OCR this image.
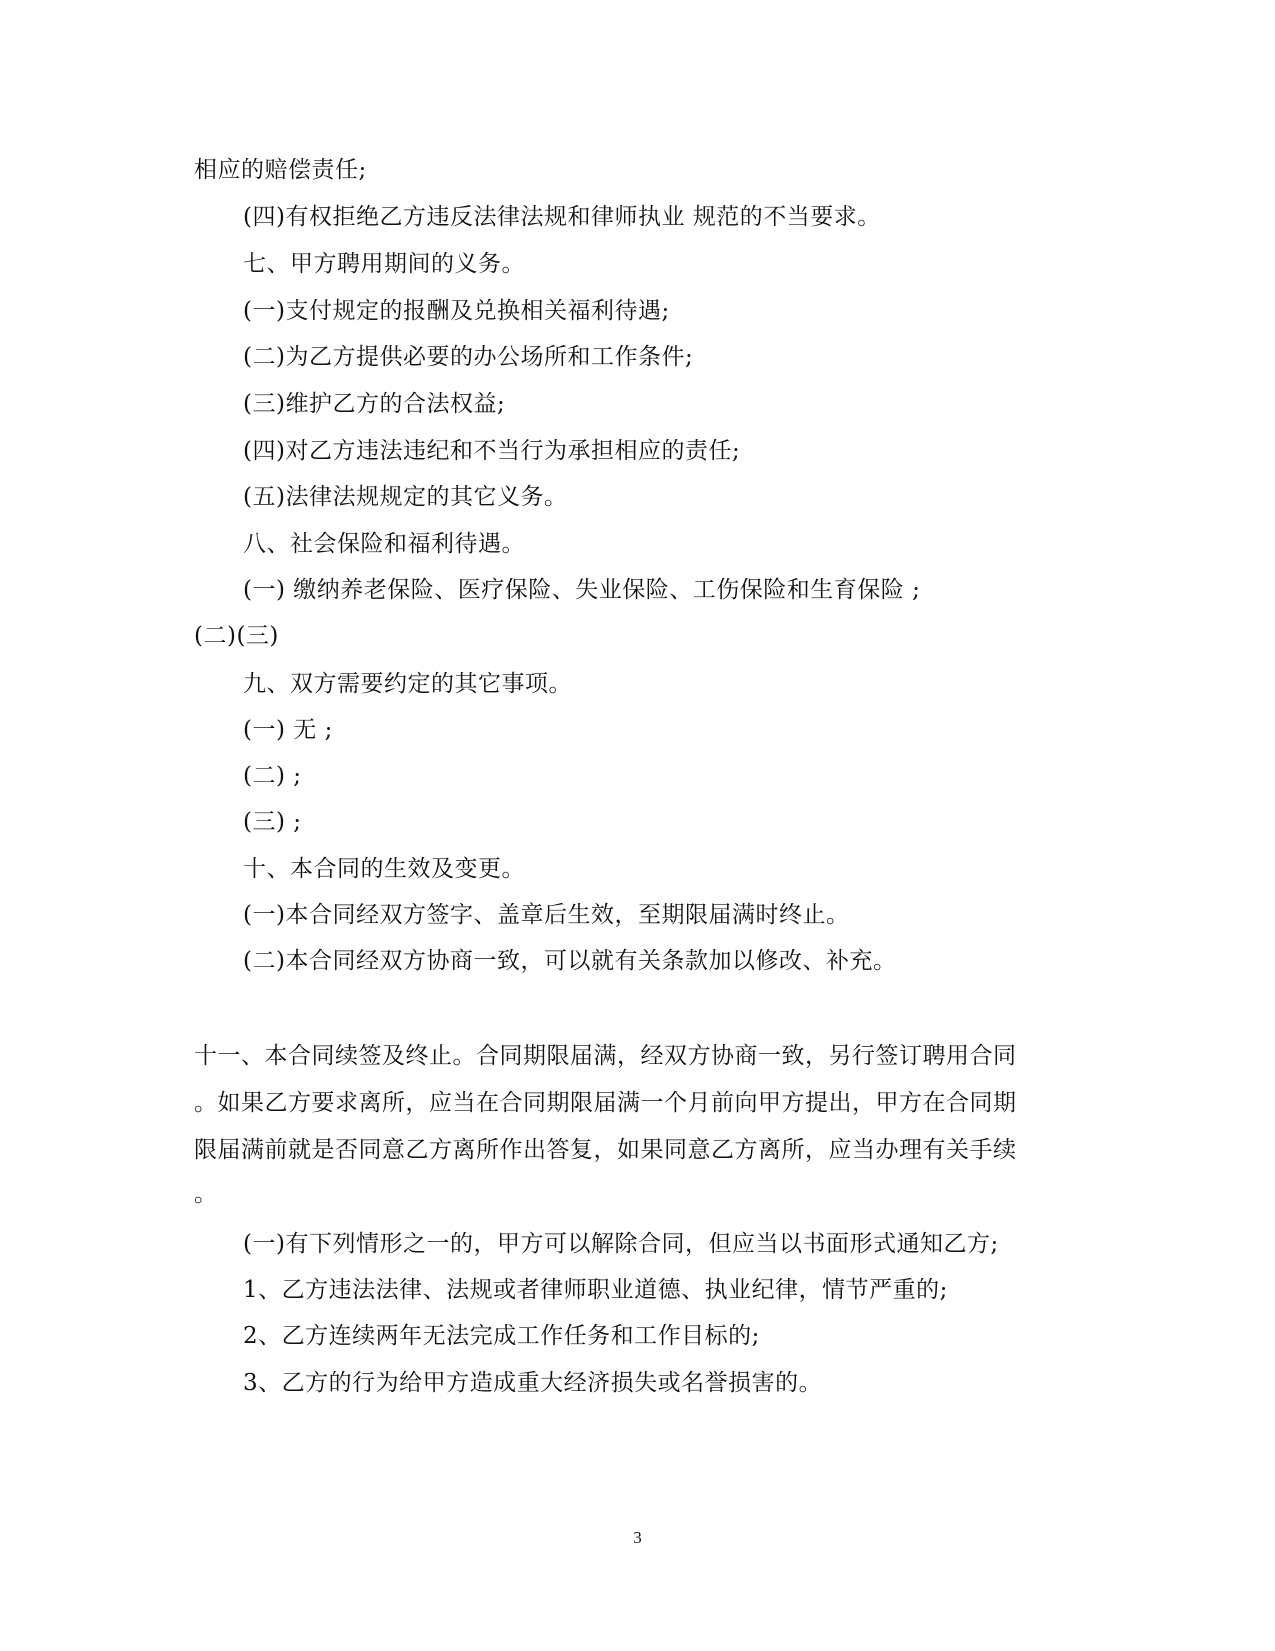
相应的赔偿责任;
(四)有权拒绝乙方违反法律法规和律师执业 规范的不当要求。
七、甲方聘用期间的义务。
(一)支付规定的报酬及兑换相关福利待遇;
(二)为乙方提供必要的办公场所和工作条件;
(三)维护乙方的合法权益;
(四)对乙方违法违纪和不当行为承担相应的责任;
(五)法律法规规定的其它义务。
八、社会保险和福利待遇。
(一) 缴纳养老保险、医疗保险、失业保险、工伤保险和生育保险 ;
(二)(三)
九、双方需要约定的其它事项。
(一) 无 ;
(二) ;
(三) ;
十、本合同的生效及变更。
(一)本合同经双方签字、盖章后生效，至期限届满时终止。
(二)本合同经双方协商一致，可以就有关条款加以修改、补充。
十一、本合同续签及终止。合同期限届满，经双方协商一致，另行签订聘用合同
。如果乙方要求离所，应当在合同期限届满一个月前向甲方提出，甲方在合同期
限届满前就是否同意乙方离所作出答复，如果同意乙方离所，应当办理有关手续
。
(一)有下列情形之一的，甲方可以解除合同，但应当以书面形式通知乙方;
1、乙方违法法律、法规或者律师职业道德、执业纪律，情节严重的;
2、乙方连续两年无法完成工作任务和工作目标的;
3、乙方的行为给甲方造成重大经济损失或名誉损害的。
3
